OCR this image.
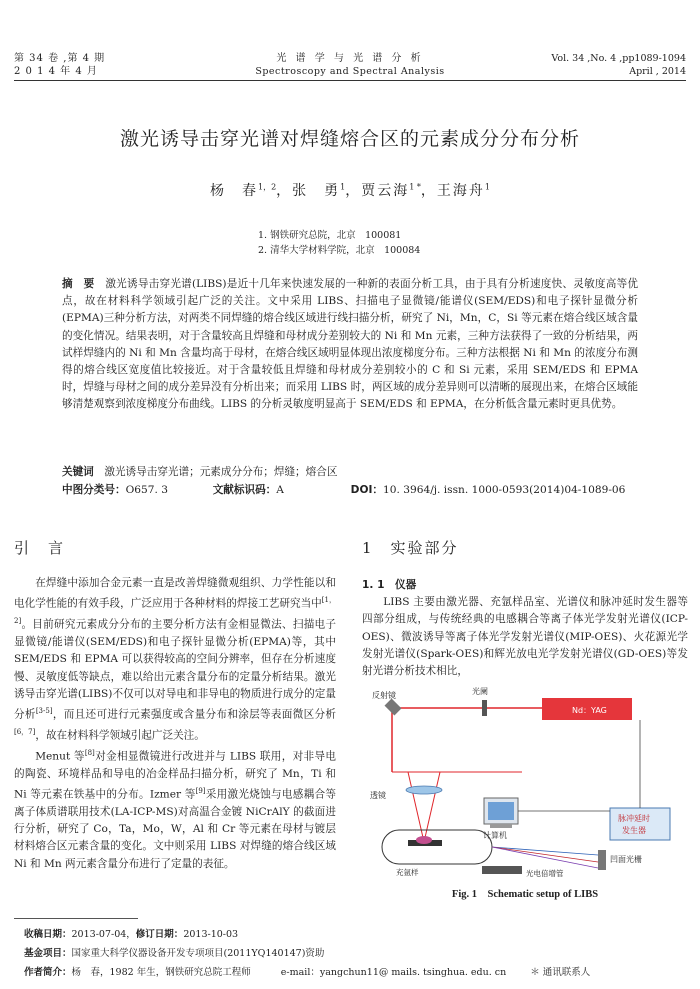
第 34 卷 ,第 4 期
2 0 1 4 年 4 月
光 谱 学 与 光 谱 分 析
Spectroscopy and Spectral Analysis
Vol. 34 ,No. 4 ,pp1089-1094
April , 2014
激光诱导击穿光谱对焊缝熔合区的元素成分分布分析
杨　春$^{1,2}$，张　勇$^1$，贾云海$^{1 *}$，王海舟$^1$
1. 钢铁研究总院，北京　100081
2. 清华大学材料学院，北京　100084
摘　要　 激光诱导击穿光谱(LIBS)是近十几年来快速发展的一种新的表面分析工具，由于具有分析速度快、灵敏度高等优点，故在材料科学领域引起广泛的关注。文中采用 LIBS、扫描电子显微镜/能谱仪(SEM/EDS)和电子探针显微分析(EPMA)三种分析方法，对两类不同焊缝的熔合线区域进行线扫描分析，研究了 Ni，Mn，C，Si 等元素在熔合线区域含量的变化情况。结果表明，对于含量较高且焊缝和母材成分差别较大的 Ni 和 Mn 元素，三种方法获得了一致的分析结果，两试样焊缝内的 Ni 和 Mn 含量均高于母材，在熔合线区域明显体现出浓度梯度分布。三种方法根据 Ni 和 Mn 的浓度分布测得的熔合线区宽度值比较接近。对于含量较低且焊缝和母材成分差别较小的 C 和 Si 元素，采用 SEM/EDS 和 EPMA 时，焊缝与母材之间的成分差异没有分析出来；而采用 LIBS 时，两区域的成分差异则可以清晰的展现出来，在熔合区域能够清楚观察到浓度梯度分布曲线。LIBS 的分析灵敏度明显高于 SEM/EDS 和 EPMA，在分析低含量元素时更具优势。
关键词　 激光诱导击穿光谱；元素成分分布；焊缝；熔合区
中图分类号：O657. 3	文献标识码：A	DOI：10. 3964/j. issn. 1000-0593(2014)04-1089-06
引　言

在焊缝中添加合金元素一直是改善焊缝微观组织、力学性能以和电化学性能的有效手段，广泛应用于各种材料的焊接工艺研究当中[1，2]。目前研究元素成分分布的主要分析方法有金相显微法、扫描电子显微镜/能谱仪(SEM/EDS)和电子探针显微分析(EPMA)等，其中 SEM/EDS 和 EPMA 可以获得较高的空间分辨率，但存在分析速度慢、灵敏度低等缺点，难以给出元素含量分布的定量分析结果。激光诱导击穿光谱(LIBS)不仅可以对导电和非导电的物质进行成分的定量分析[3-5]，而且还可进行元素强度或含量分布和涂层等表面微区分析[6，7]，故在材料科学领域引起广泛关注。

Menut 等[8]对金相显微镜进行改进并与 LIBS 联用，对非导电的陶瓷、环境样品和导电的冶金样品扫描分析，研究了 Mn，Ti 和 Ni 等元素在铁基中的分布。Izmer 等[9]采用激光烧蚀与电感耦合等离子体质谱联用技术(LA-ICP-MS)对高温合金镀 NiCrAlY 的截面进行分析，研究了 Co，Ta，Mo，W，Al 和 Cr 等元素在母材与镀层材料熔合区元素含量的变化。文中则采用 LIBS 对焊缝的熔合线区域 Ni 和 Mn 两元素含量分布进行了定量的表征。

1　实验部分
1. 1　仪器

LIBS 主要由激光器、充氩样品室、光谱仪和脉冲延时发生器等四部分组成，与传统经典的电感耦合等离子体光学发射光谱仪(ICP-OES)、微波诱导等离子体光学发射光谱仪(MIP-OES)、火花源光学发射光谱仪(Spark-OES)和辉光放电光学发射光谱仪(GD-OES)等发射光谱分析技术相比，

反射镜	光阑
Nd：YAG
透镜
计算机
充氩样
脉冲延时
发生器
凹面光栅
光电倍增管
Fig. 1　Schematic setup of LIBS
收稿日期：2013-07-04，修订日期：2013-10-03
基金项目：国家重大科学仪器设备开发专项项目(2011YQ140147)资助
作者简介：杨　春，1982 年生，钢铁研究总院工程师	e-mail：yangchun11@ mails. tsinghua. edu. cn	＊ 通讯联系人
